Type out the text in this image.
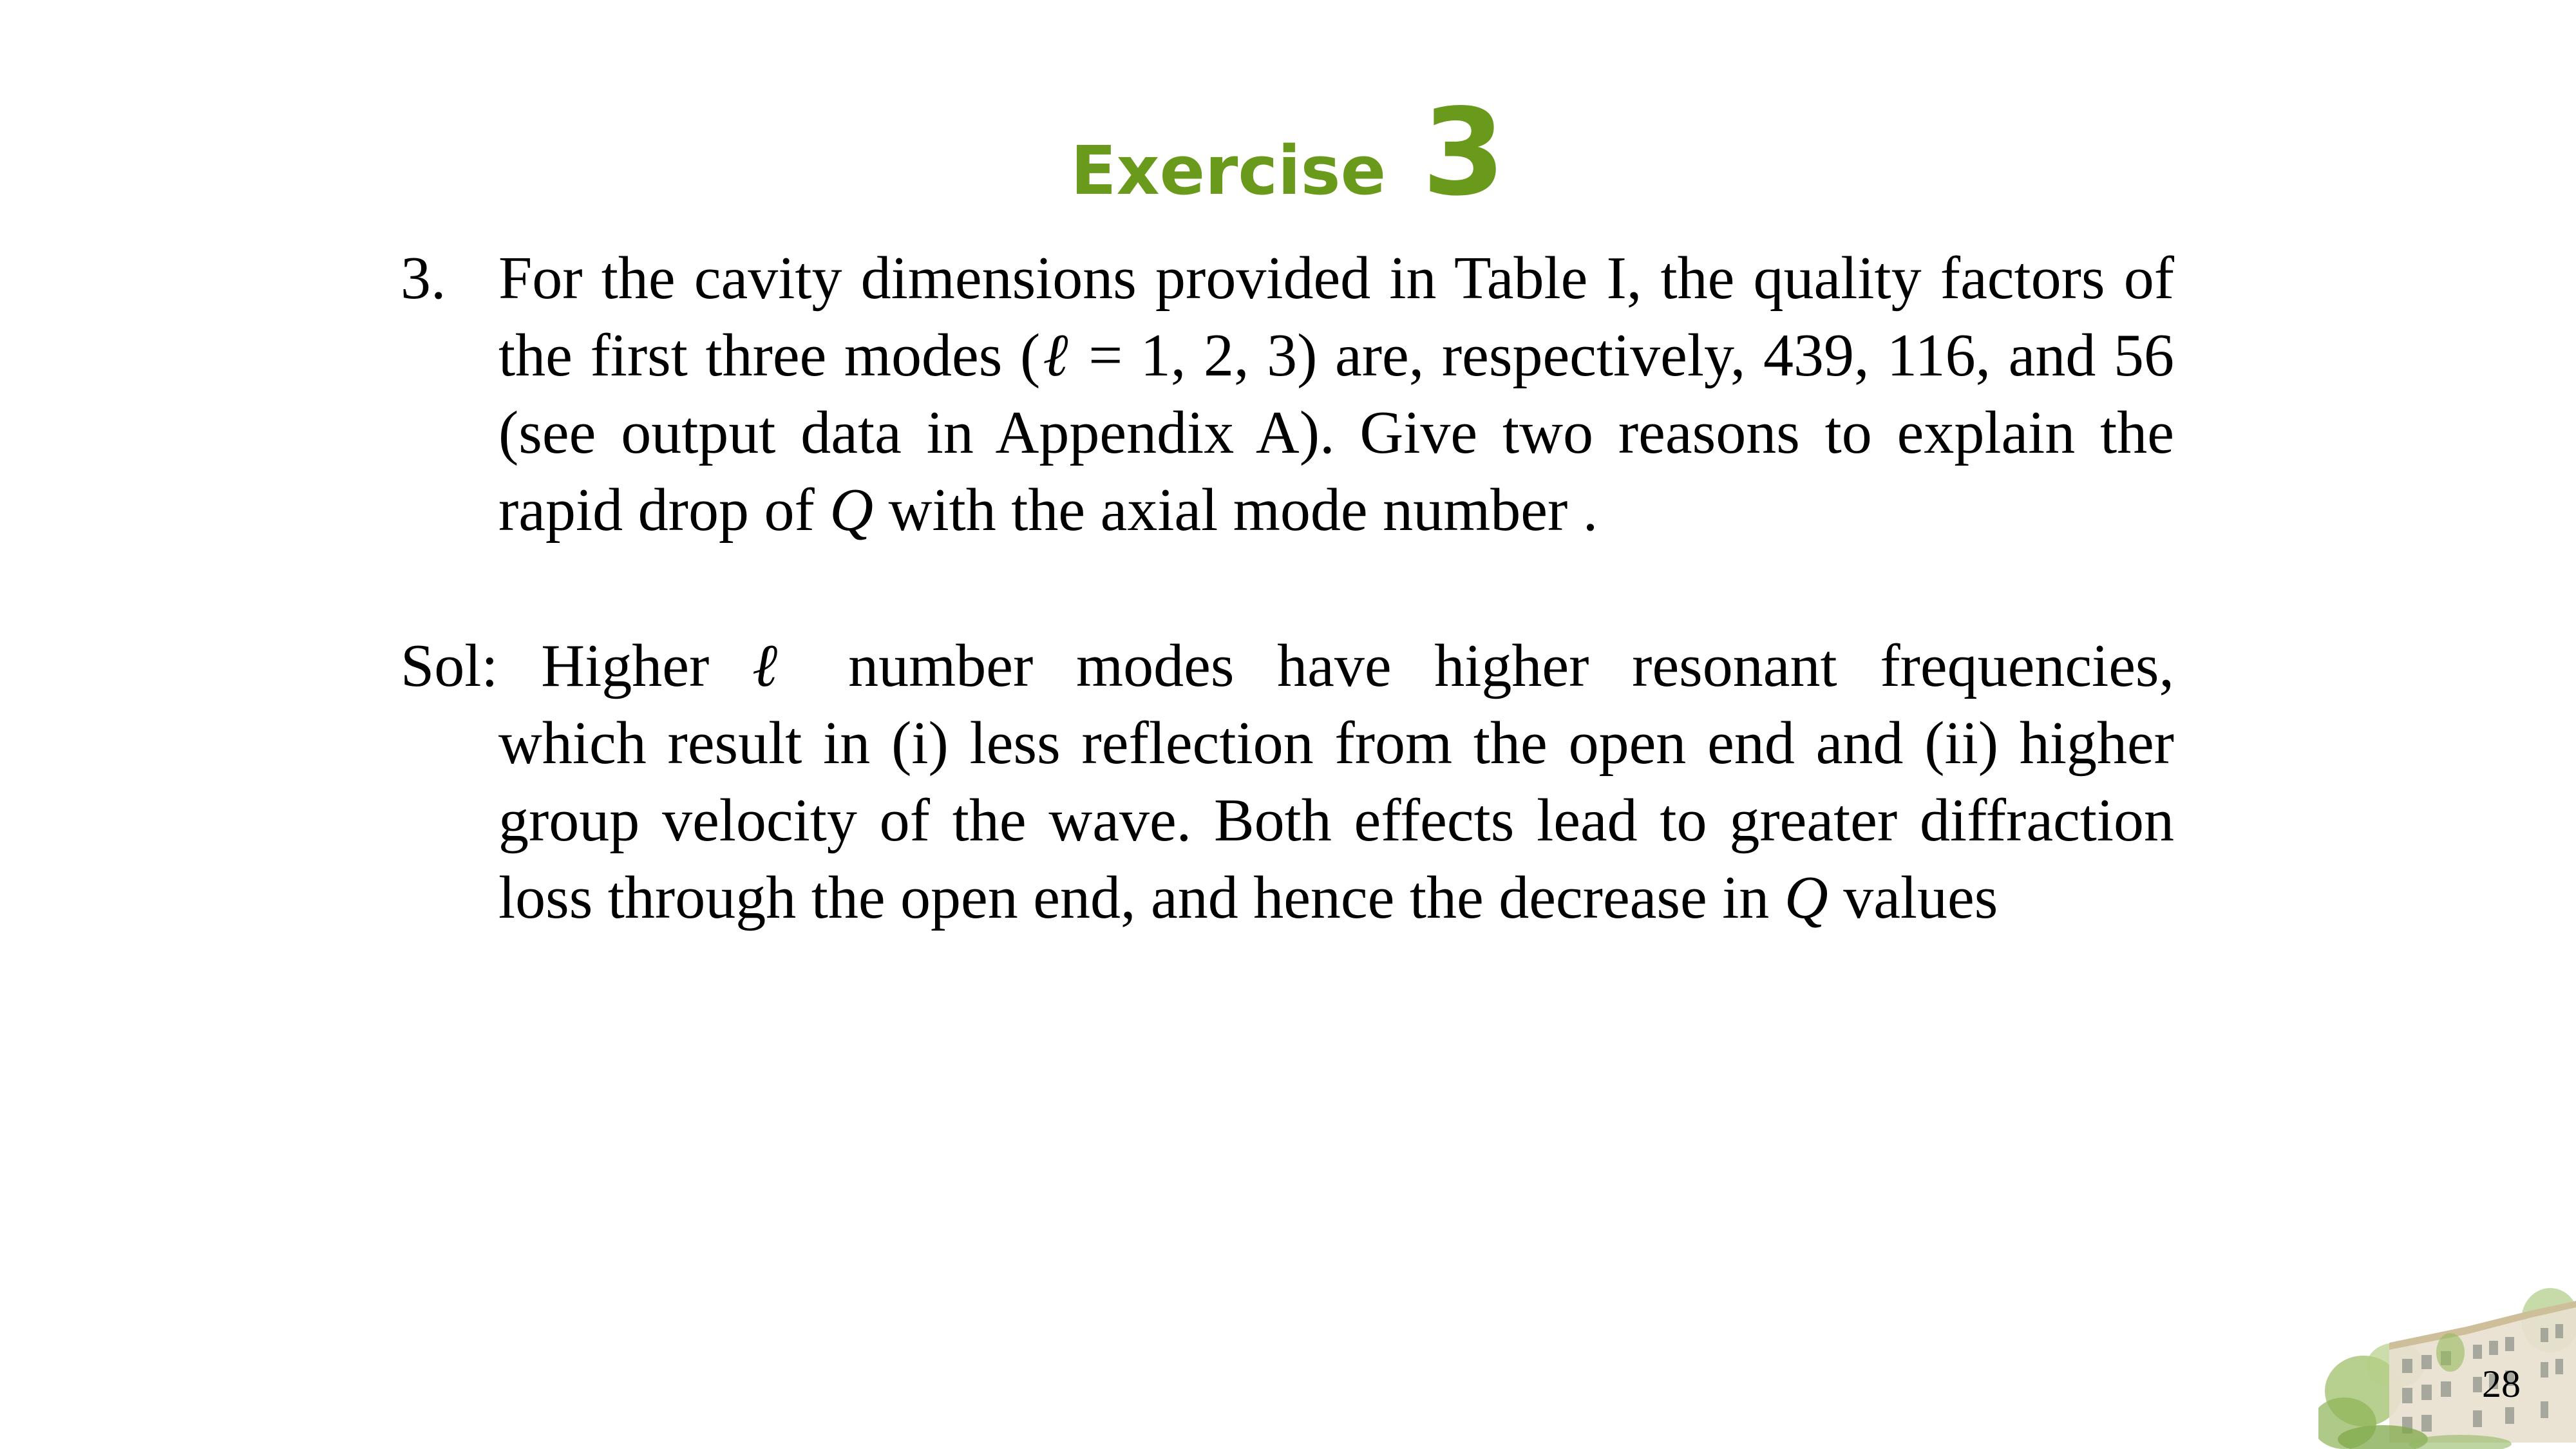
Exercise 3
3. For the cavity dimensions provided in Table I, the quality factors of the first three modes (ℓ = 1, 2, 3) are, respectively, 439, 116, and 56 (see output data in Appendix A). Give two reasons to explain the rapid drop of Q with the axial mode number .
Sol: Higher ℓ number modes have higher resonant frequencies,
which result in (i) less reflection from the open end and (ii) higher group velocity of the wave. Both effects lead to greater diffraction loss through the open end, and hence the decrease in Q values
28
